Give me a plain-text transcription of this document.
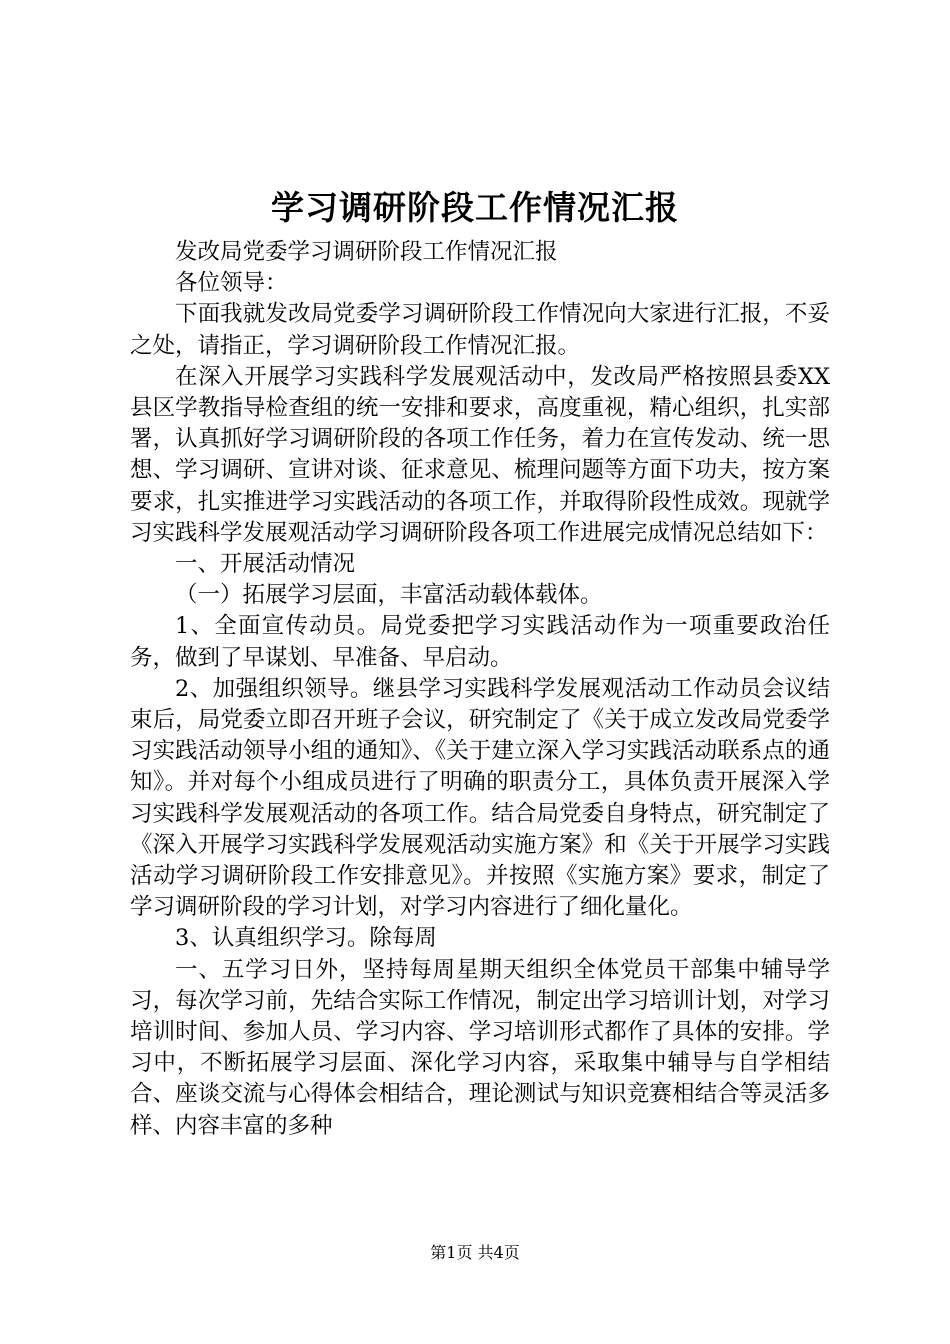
学习调研阶段工作情况汇报

发改局党委学习调研阶段工作情况汇报

各位领导：

下面我就发改局党委学习调研阶段工作情况向大家进行汇报，不妥之处，请指正，学习调研阶段工作情况汇报。

在深入开展学习实践科学发展观活动中，发改局严格按照县委XX县区学教指导检查组的统一安排和要求，高度重视，精心组织，扎实部署，认真抓好学习调研阶段的各项工作任务，着力在宣传发动、统一思想、学习调研、宣讲对谈、征求意见、梳理问题等方面下功夫，按方案要求，扎实推进学习实践活动的各项工作，并取得阶段性成效。现就学习实践科学发展观活动学习调研阶段各项工作进展完成情况总结如下：

一、开展活动情况

（一）拓展学习层面，丰富活动载体载体。

1、全面宣传动员。局党委把学习实践活动作为一项重要政治任务，做到了早谋划、早准备、早启动。

2、加强组织领导。继县学习实践科学发展观活动工作动员会议结束后，局党委立即召开班子会议，研究制定了《关于成立发改局党委学习实践活动领导小组的通知》、《关于建立深入学习实践活动联系点的通知》。并对每个小组成员进行了明确的职责分工，具体负责开展深入学习实践科学发展观活动的各项工作。结合局党委自身特点，研究制定了《深入开展学习实践科学发展观活动实施方案》和《关于开展学习实践活动学习调研阶段工作安排意见》。并按照《实施方案》要求，制定了学习调研阶段的学习计划，对学习内容进行了细化量化。

3、认真组织学习。除每周

一、五学习日外，坚持每周星期天组织全体党员干部集中辅导学习，每次学习前，先结合实际工作情况，制定出学习培训计划，对学习培训时间、参加人员、学习内容、学习培训形式都作了具体的安排。学习中，不断拓展学习层面、深化学习内容，采取集中辅导与自学相结合、座谈交流与心得体会相结合，理论测试与知识竞赛相结合等灵活多样、内容丰富的多种

第1页 共4页
